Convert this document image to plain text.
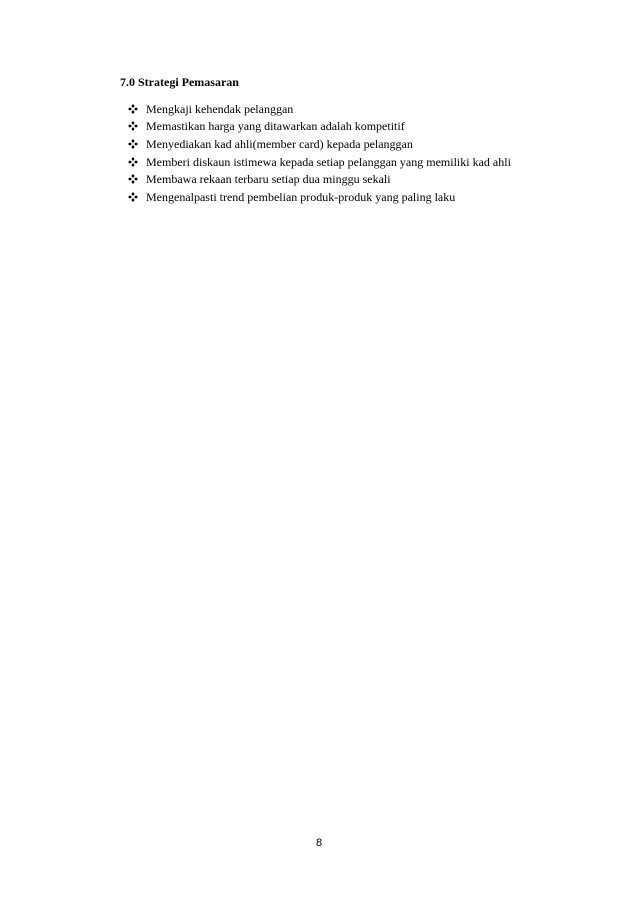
7.0 Strategi Pemasaran
Mengkaji kehendak pelanggan
Memastikan harga yang ditawarkan adalah kompetitif
Menyediakan kad ahli(member card) kepada pelanggan
Memberi diskaun istimewa kepada setiap pelanggan yang memiliki kad ahli
Membawa rekaan terbaru setiap dua minggu sekali
Mengenalpasti trend pembelian produk-produk yang paling laku
8
